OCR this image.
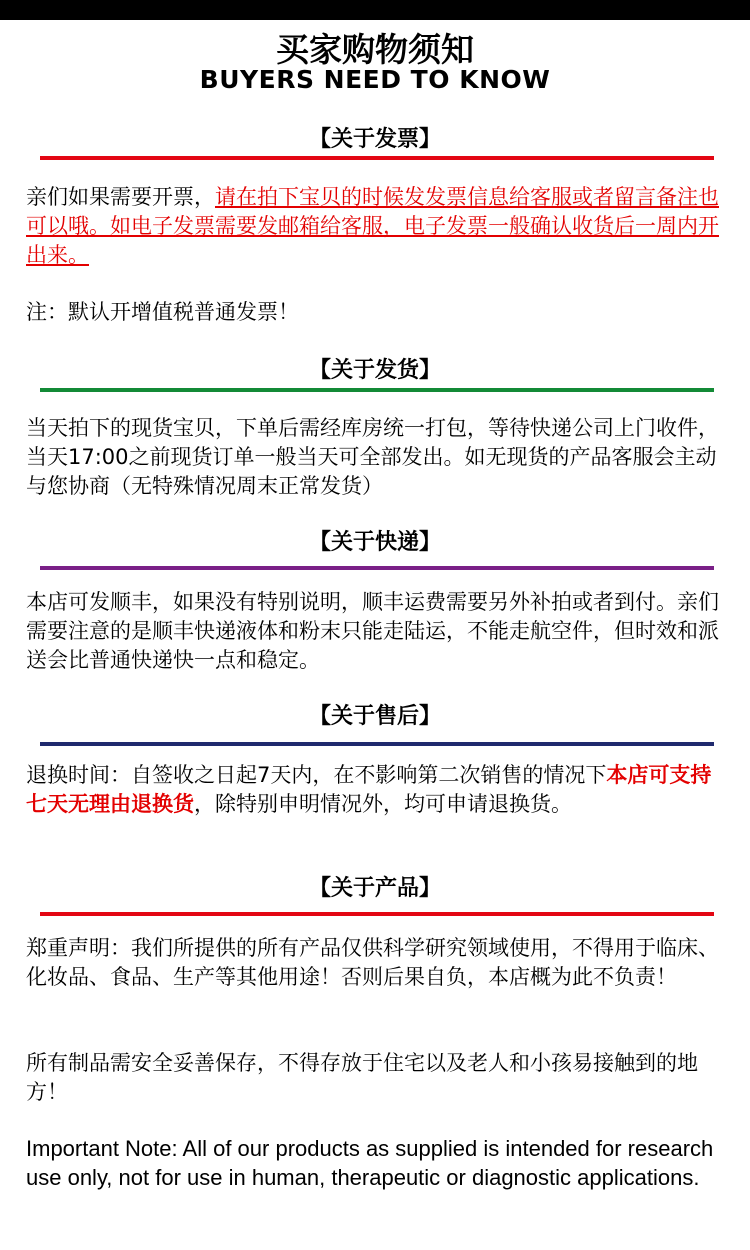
买家购物须知
BUYERS NEED TO KNOW
【关于发票】

亲们如果需要开票，请在拍下宝贝的时候发发票信息给客服或者留言备注也可以哦。如电子发票需要发邮箱给客服，电子发票一般确认收货后一周内开出来。

注：默认开增值税普通发票！

【关于发货】

当天拍下的现货宝贝，下单后需经库房统一打包，等待快递公司上门收件，当天17:00之前现货订单一般当天可全部发出。如无现货的产品客服会主动与您协商（无特殊情况周末正常发货）

【关于快递】

本店可发顺丰，如果没有特别说明，顺丰运费需要另外补拍或者到付。亲们需要注意的是顺丰快递液体和粉末只能走陆运，不能走航空件，但时效和派送会比普通快递快一点和稳定。

【关于售后】

退换时间：自签收之日起7天内，在不影响第二次销售的情况下本店可支持七天无理由退换货，除特别申明情况外，均可申请退换货。

【关于产品】

郑重声明：我们所提供的所有产品仅供科学研究领域使用，不得用于临床、化妆品、食品、生产等其他用途！否则后果自负，本店概为此不负责！

所有制品需安全妥善保存，不得存放于住宅以及老人和小孩易接触到的地方！

Important Note: All of our products as supplied is intended for research use only, not for use in human, therapeutic or diagnostic applications.
